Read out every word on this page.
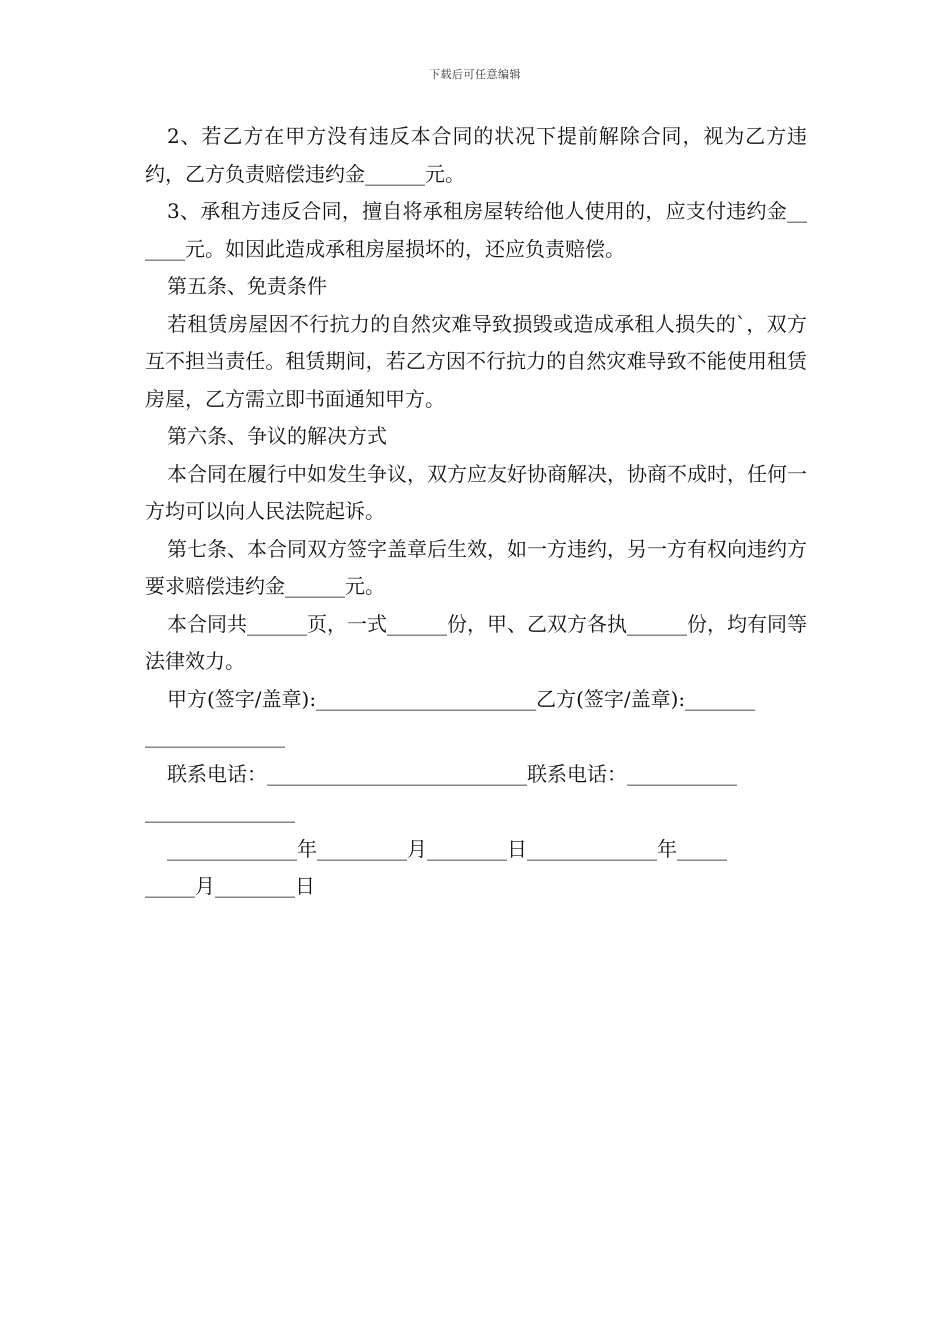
下载后可任意编辑

2、若乙方在甲方没有违反本合同的状况下提前解除合同，视为乙方违约，乙方负责赔偿违约金______元。

3、承租方违反合同，擅自将承租房屋转给他人使用的，应支付违约金______元。如因此造成承租房屋损坏的，还应负责赔偿。

第五条、免责条件

若租赁房屋因不行抗力的自然灾难导致损毁或造成承租人损失的`，双方互不担当责任。租赁期间，若乙方因不行抗力的自然灾难导致不能使用租赁房屋，乙方需立即书面通知甲方。

第六条、争议的解决方式

本合同在履行中如发生争议，双方应友好协商解决，协商不成时，任何一方均可以向人民法院起诉。

第七条、本合同双方签字盖章后生效，如一方违约，另一方有权向违约方要求赔偿违约金______元。

本合同共______页，一式______份，甲、乙双方各执______份，均有同等法律效力。

甲方(签字/盖章):______________________乙方(签字/盖章):_______
______________
联系电话：__________________________联系电话：___________
_______________
_____________年_________月________日_____________年_____
_____月________日
